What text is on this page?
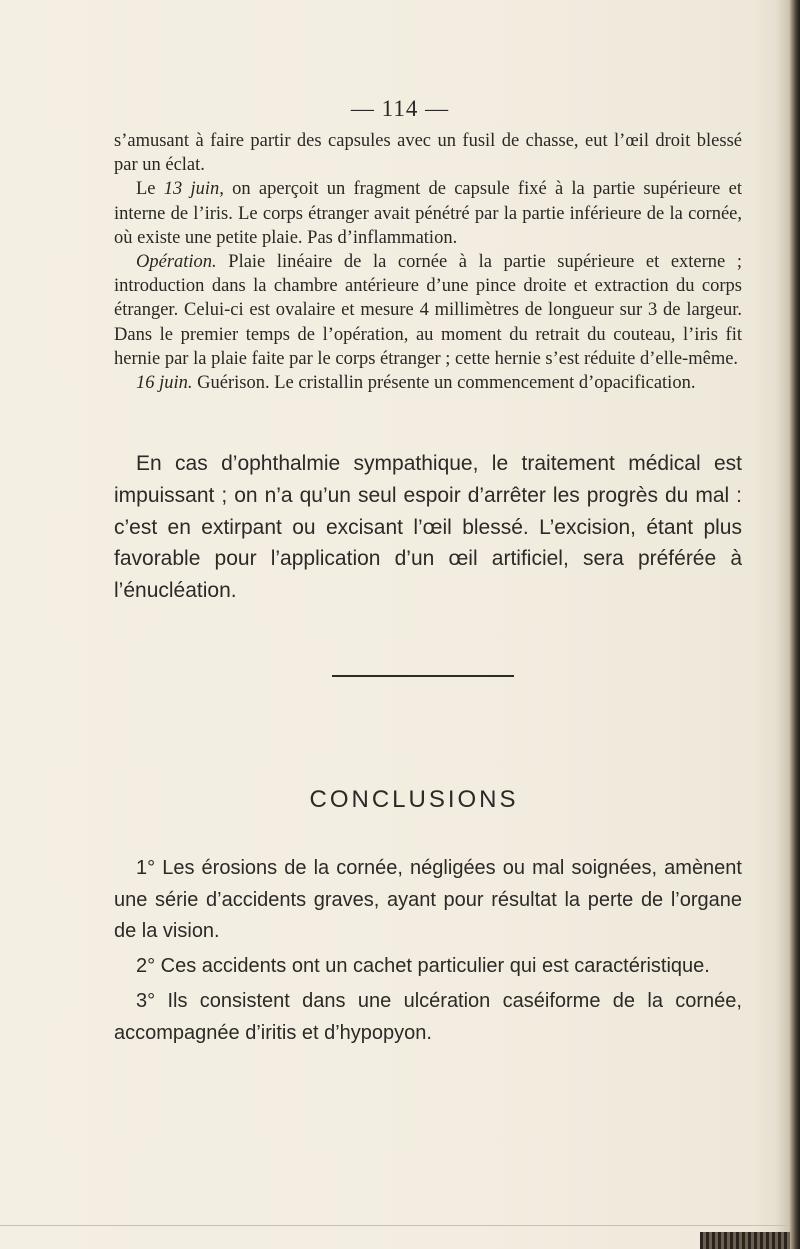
— 114 —

s’amusant à faire partir des capsules avec un fusil de chasse, eut l’œil droit blessé par un éclat.

Le 13 juin, on aperçoit un fragment de capsule fixé à la partie supérieure et interne de l’iris. Le corps étranger avait pénétré par la partie inférieure de la cornée, où existe une petite plaie. Pas d’inflammation.

Opération. Plaie linéaire de la cornée à la partie supérieure et externe ; introduction dans la chambre antérieure d’une pince droite et extraction du corps étranger. Celui-ci est ovalaire et mesure 4 millimètres de longueur sur 3 de largeur. Dans le premier temps de l’opération, au moment du retrait du couteau, l’iris fit hernie par la plaie faite par le corps étranger ; cette hernie s’est réduite d’elle-même.

16 juin. Guérison. Le cristallin présente un commencement d’opacification.

En cas d’ophthalmie sympathique, le traitement médical est impuissant ; on n’a qu’un seul espoir d’arrêter les progrès du mal : c’est en extirpant ou excisant l’œil blessé. L’excision, étant plus favorable pour l’application d’un œil artificiel, sera préférée à l’énucléation.

CONCLUSIONS

1° Les érosions de la cornée, négligées ou mal soignées, amènent une série d’accidents graves, ayant pour résultat la perte de l’organe de la vision.

2° Ces accidents ont un cachet particulier qui est caractéristique.

3° Ils consistent dans une ulcération caséiforme de la cornée, accompagnée d’iritis et d’hypopyon.
